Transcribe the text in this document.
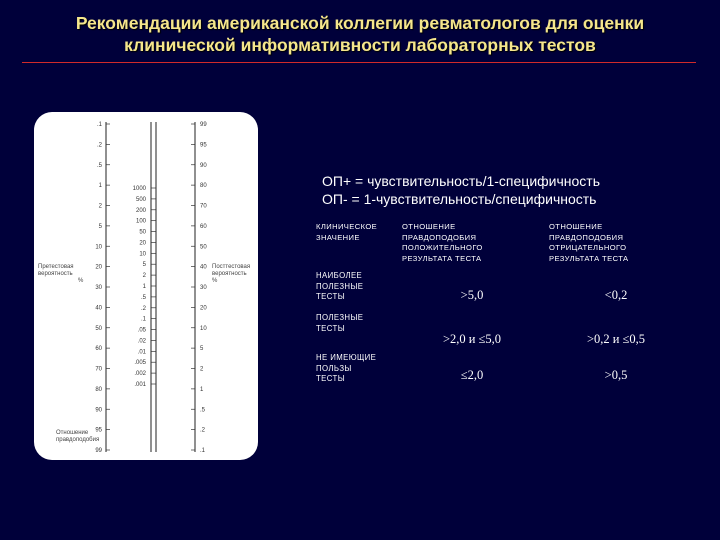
Рекомендации американской коллегии ревматологов для оценки
клинической информативности лабораторных тестов
.1
.2
.5
1
2
5
10
20
30
40
50
60
70
80
90
95
99
1000
500
200
100
50
20
10
5
2
1
.5
.2
.1
.05
.02
.01
.005
.002
.001
99
95
90
80
70
60
50
40
30
20
10
5
2
1
.5
.2
.1
Претестовая
вероятность
%
Посттестовая
вероятность
%
Отношение
правдоподобия
ОП+ = чувствительность/1-специфичность
ОП- = 1-чувствительность/специфичность
КЛИНИЧЕСКОЕ
ЗНАЧЕНИЕ
ОТНОШЕНИЕ
ПРАВДОПОДОБИЯ
ПОЛОЖИТЕЛЬНОГО
РЕЗУЛЬТАТА ТЕСТА
ОТНОШЕНИЕ
ПРАВДОПОДОБИЯ
ОТРИЦАТЕЛЬНОГО
РЕЗУЛЬТАТА ТЕСТА
НАИБОЛЕЕ
ПОЛЕЗНЫЕ
ТЕСТЫ	>5,0	<0,2
ПОЛЕЗНЫЕ
ТЕСТЫ
>2,0 и ≤5,0	>0,2 и ≤0,5
НЕ ИМЕЮЩИЕ
ПОЛЬЗЫ
ТЕСТЫ	≤2,0	>0,5
